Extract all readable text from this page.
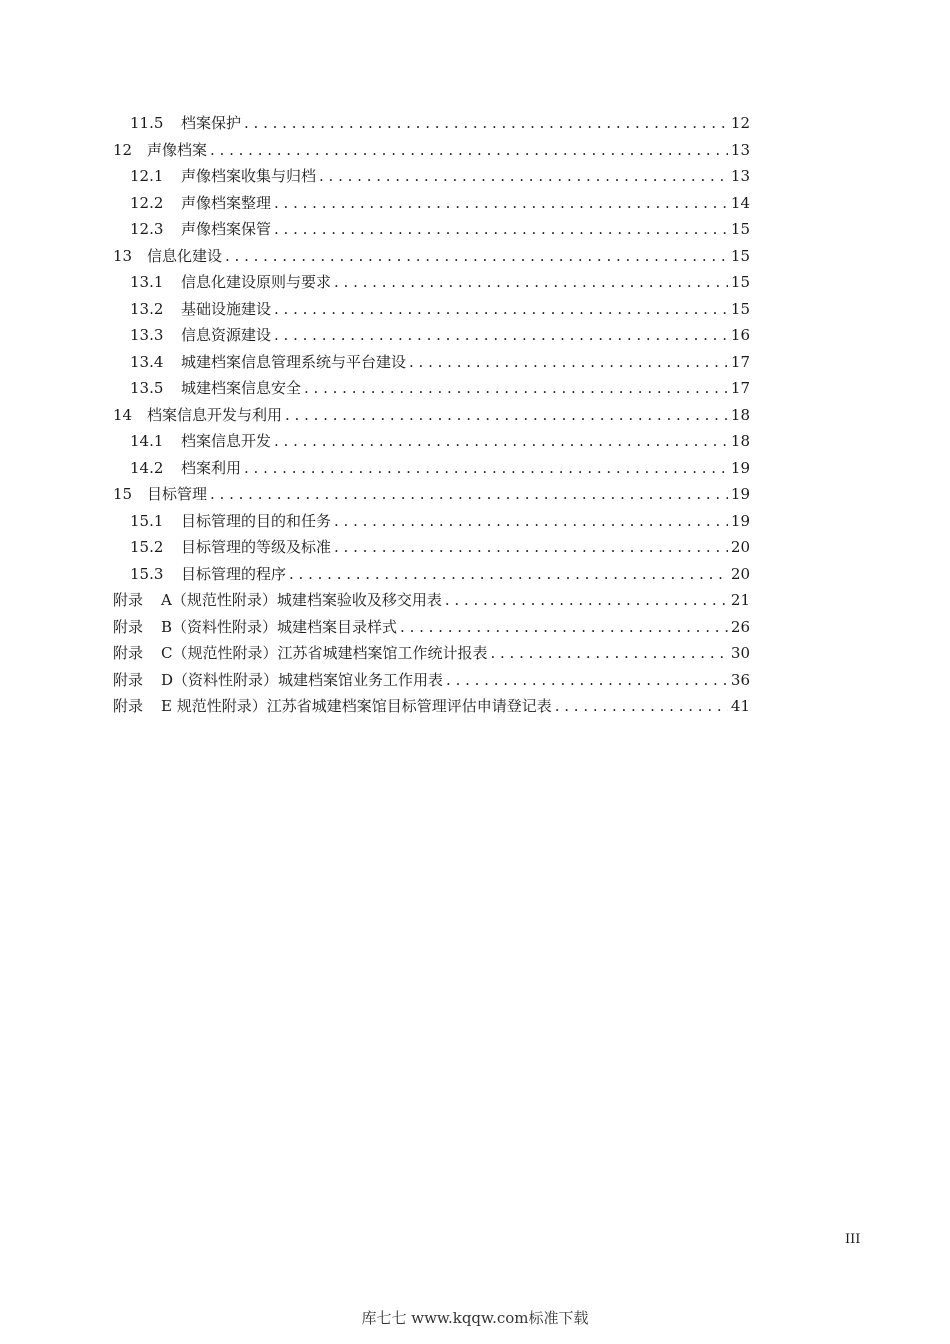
11.5	档案保护 . . .	12
12 声像档案 . . .	13
12.1	声像档案收集与归档 . . .	13
12.2	声像档案整理 . . .	14
12.3	声像档案保管 . . .	15
13 信息化建设 . . .	15
13.1	信息化建设原则与要求 . . .	15
13.2	基础设施建设 . . .	15
13.3	信息资源建设 . . .	16
13.4	城建档案信息管理系统与平台建设 . . .	17
13.5	城建档案信息安全 . . .	17
14 档案信息开发与利用 . . .	18
14.1	档案信息开发 . . .	18
14.2	档案利用 . . .	19
15 目标管理 . . .	19
15.1	目标管理的目的和任务 . . .	19
15.2	目标管理的等级及标准 . . .	20
15.3	目标管理的程序 . . .	20
附录	A（规范性附录）城建档案验收及移交用表 . . .	21
附录	B（资料性附录）城建档案目录样式 . . .	26
附录	C（规范性附录）江苏省城建档案馆工作统计报表 . . .	30
附录	D（资料性附录）城建档案馆业务工作用表 . . .	36
附录	E 规范性附录）江苏省城建档案馆目标管理评估申请登记表 . . .	41
III
库七七 www.kqqw.com标准下载
